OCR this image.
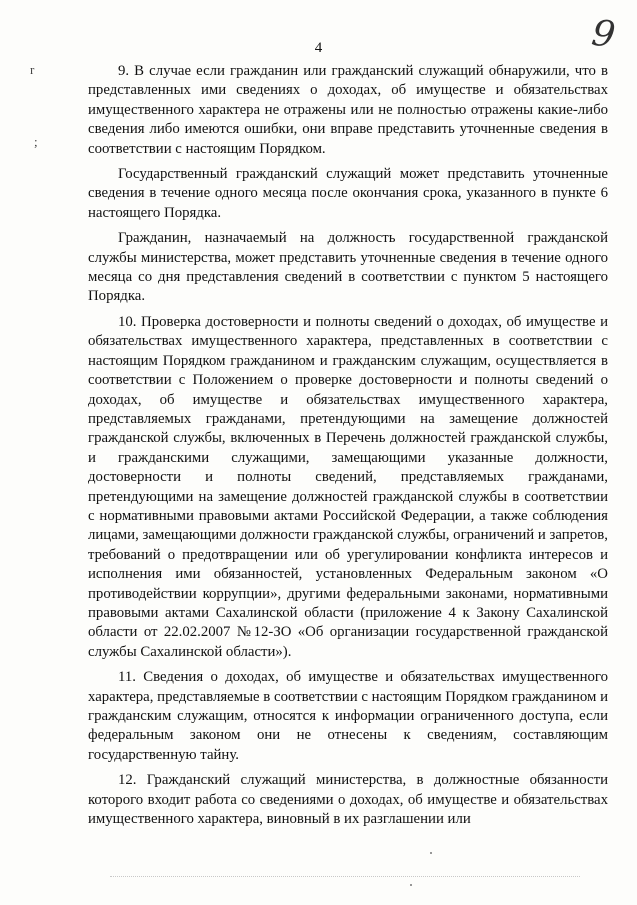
4	9
r
;

9. В случае если гражданин или гражданский служащий обнаружили, что в представленных ими сведениях о доходах, об имуществе и обязательствах имущественного характера не отражены или не полностью отражены какие-либо сведения либо имеются ошибки, они вправе представить уточненные сведения в соответствии с настоящим Порядком.

Государственный гражданский служащий может представить уточненные сведения в течение одного месяца после окончания срока, указанного в пункте 6 настоящего Порядка.

Гражданин, назначаемый на должность государственной гражданской службы министерства, может представить уточненные сведения в течение одного месяца со дня представления сведений в соответствии с пунктом 5 настоящего Порядка.

10. Проверка достоверности и полноты сведений о доходах, об имуществе и обязательствах имущественного характера, представленных в соответствии с настоящим Порядком гражданином и гражданским служащим, осуществляется в соответствии с Положением о проверке достоверности и полноты сведений о доходах, об имуществе и обязательствах имущественного характера, представляемых гражданами, претендующими на замещение должностей гражданской службы, включенных в Перечень должностей гражданской службы, и гражданскими служащими, замещающими указанные должности, достоверности и полноты сведений, представляемых гражданами, претендующими на замещение должностей гражданской службы в соответствии с нормативными правовыми актами Российской Федерации, а также соблюдения лицами, замещающими должности гражданской службы, ограничений и запретов, требований о предотвращении или об урегулировании конфликта интересов и исполнения ими обязанностей, установленных Федеральным законом «О противодействии коррупции», другими федеральными законами, нормативными правовыми актами Сахалинской области (приложение 4 к Закону Сахалинской области от 22.02.2007 №12-ЗО «Об организации государственной гражданской службы Сахалинской области»).

11. Сведения о доходах, об имуществе и обязательствах имущественного характера, представляемые в соответствии с настоящим Порядком гражданином и гражданским служащим, относятся к информации ограниченного доступа, если федеральным законом они не отнесены к сведениям, составляющим государственную тайну.

12. Гражданский служащий министерства, в должностные обязанности которого входит работа со сведениями о доходах, об имуществе и обязательствах имущественного характера, виновный в их разглашении или
